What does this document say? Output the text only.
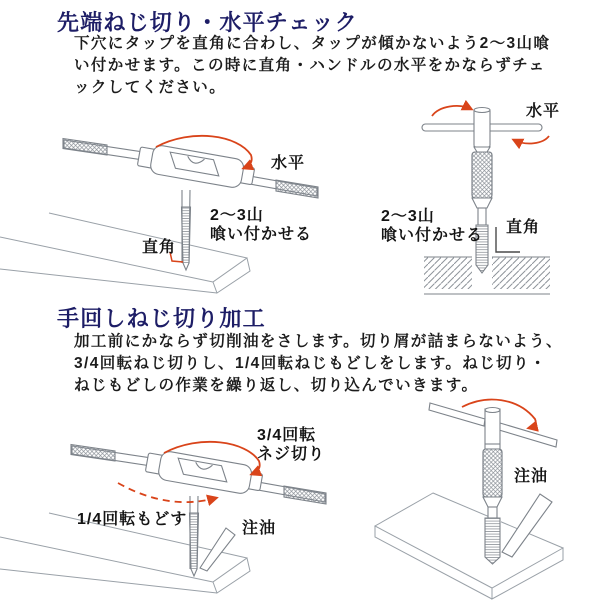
先端ねじ切り・水平チェック
下穴にタップを直角に合わし、タップが傾かないよう2〜3山喰
い付かせます。この時に直角・ハンドルの水平をかならずチェ
ックしてください。
水平
2〜3山
喰い付かせる
直角
水平
2〜3山
喰い付かせる 直角
手回しねじ切り加工
加工前にかならず切削油をさします。切り屑が詰まらないよう、
3/4回転ねじ切りし、1/4回転ねじもどしをします。ねじ切り・
ねじもどしの作業を繰り返し、切り込んでいきます。
3/4回転
ネジ切り
1/4回転もどす
注油
注油
